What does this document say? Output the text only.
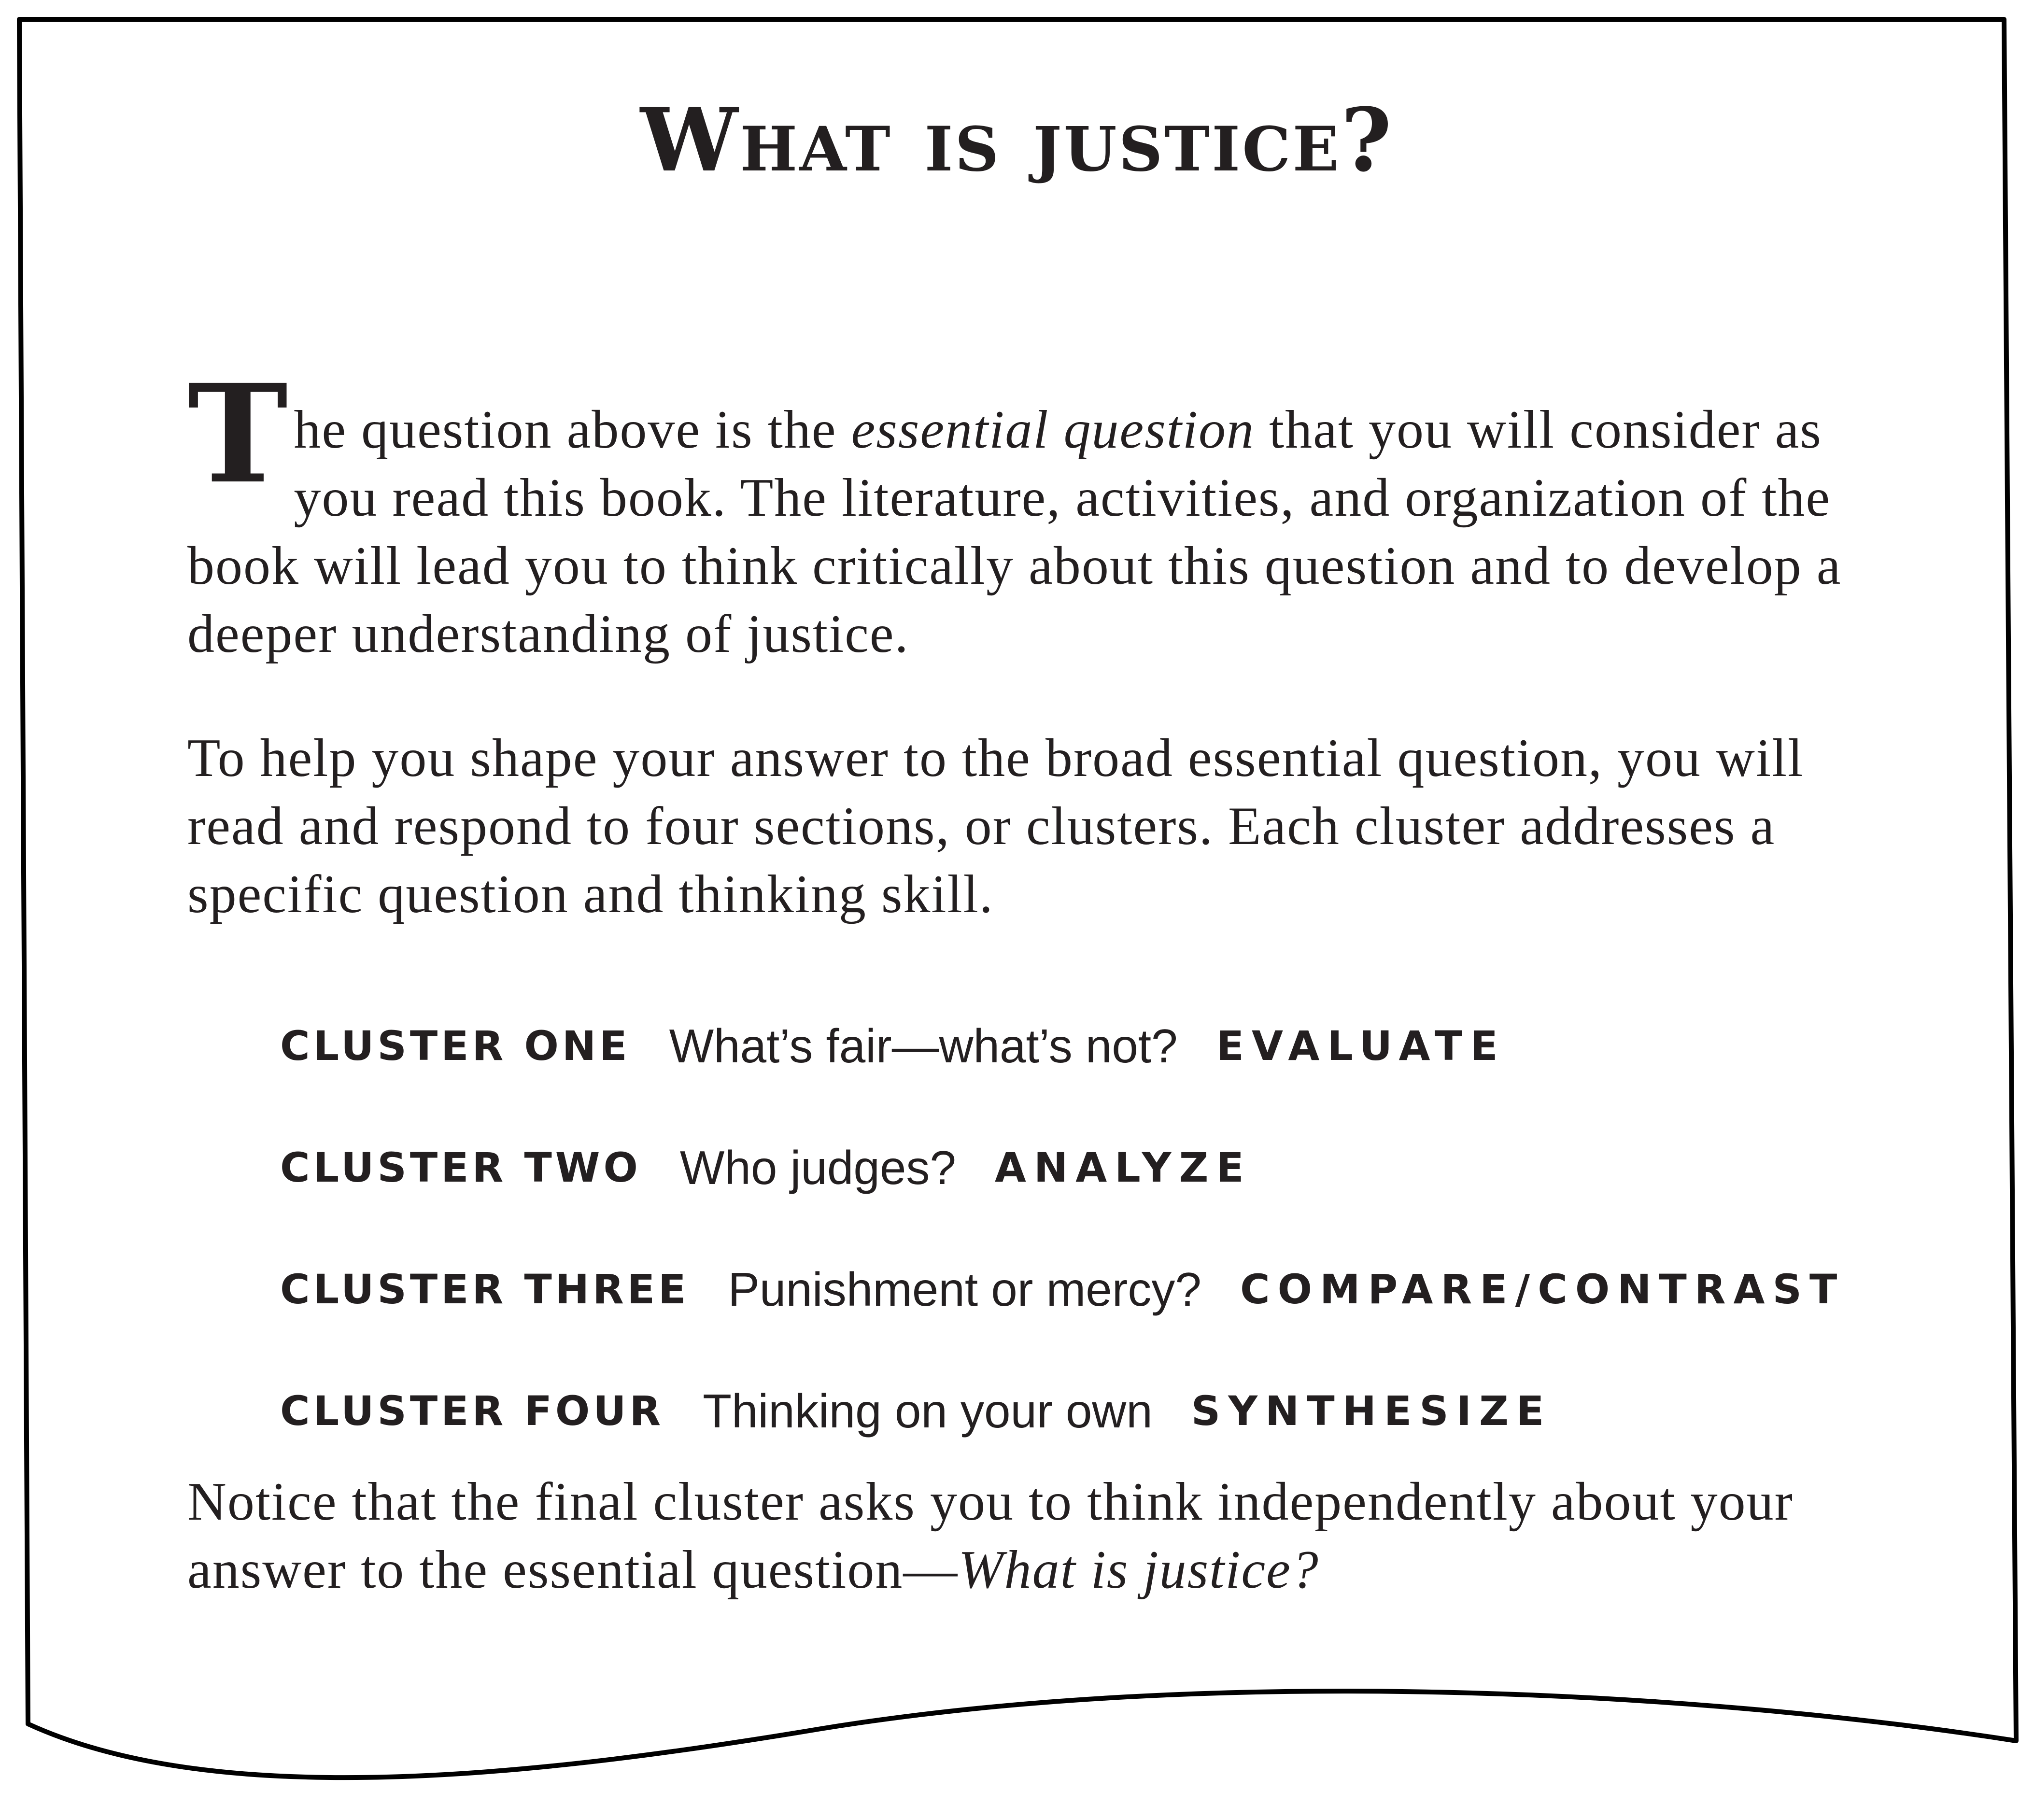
What is justice?

The question above is the essential question that you will consider as you read this book. The literature, activities, and organization of the book will lead you to think critically about this question and to develop a deeper understanding of justice.

To help you shape your answer to the broad essential question, you will read and respond to four sections, or clusters. Each cluster addresses a specific question and thinking skill.

CLUSTER ONE What’s fair—what’s not? EVALUATE
CLUSTER TWO Who judges? ANALYZE
CLUSTER THREE Punishment or mercy? COMPARE/CONTRAST
CLUSTER FOUR Thinking on your own SYNTHESIZE

Notice that the final cluster asks you to think independently about your answer to the essential question—What is justice?
